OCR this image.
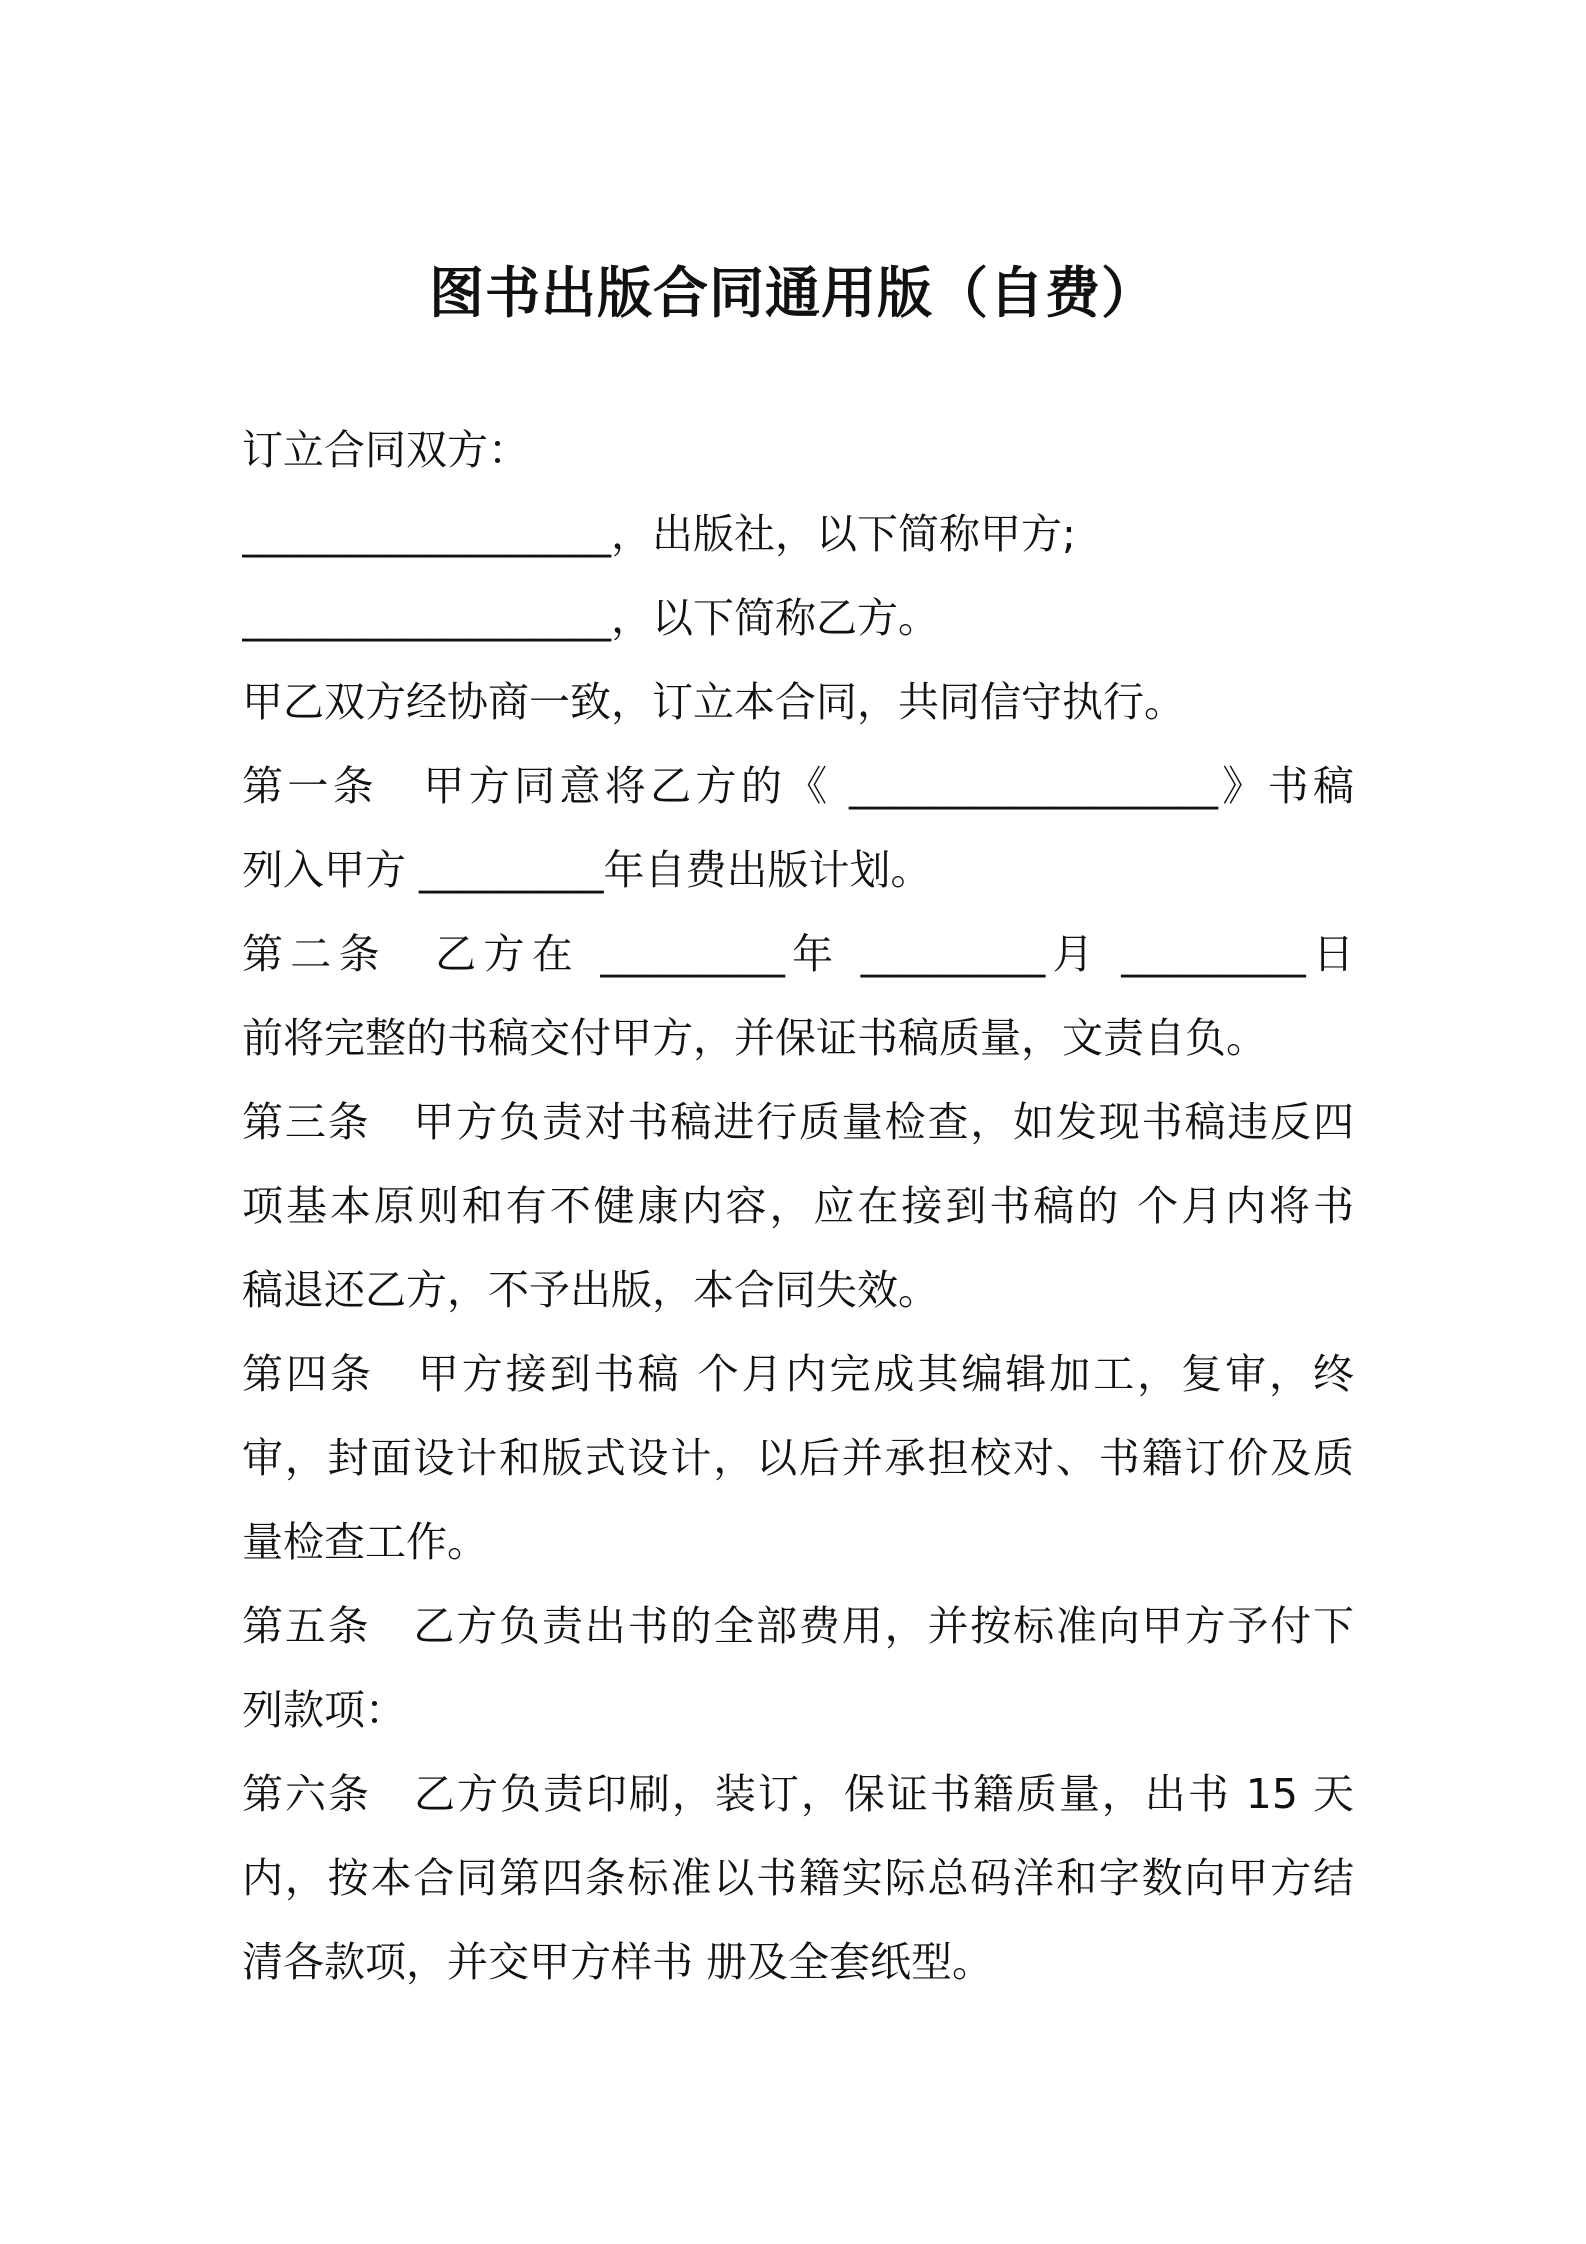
图书出版合同通用版（自费）
订立合同双方：
__________________，出版社，以下简称甲方;
__________________，以下简称乙方。
甲乙双方经协商一致，订立本合同，共同信守执行。
第一条　甲方同意将乙方的《 __________________》书稿
列入甲方 _________年自费出版计划。
第二条　乙方在 _________年 _________月 _________日
前将完整的书稿交付甲方，并保证书稿质量，文责自负。
第三条　甲方负责对书稿进行质量检查，如发现书稿违反四
项基本原则和有不健康内容，应在接到书稿的 个月内将书
稿退还乙方，不予出版，本合同失效。
第四条　甲方接到书稿 个月内完成其编辑加工，复审，终
审，封面设计和版式设计，以后并承担校对、书籍订价及质
量检查工作。
第五条　乙方负责出书的全部费用，并按标准向甲方予付下
列款项：
第六条　乙方负责印刷，装订，保证书籍质量，出书 15 天
内，按本合同第四条标准以书籍实际总码洋和字数向甲方结
清各款项，并交甲方样书 册及全套纸型。
